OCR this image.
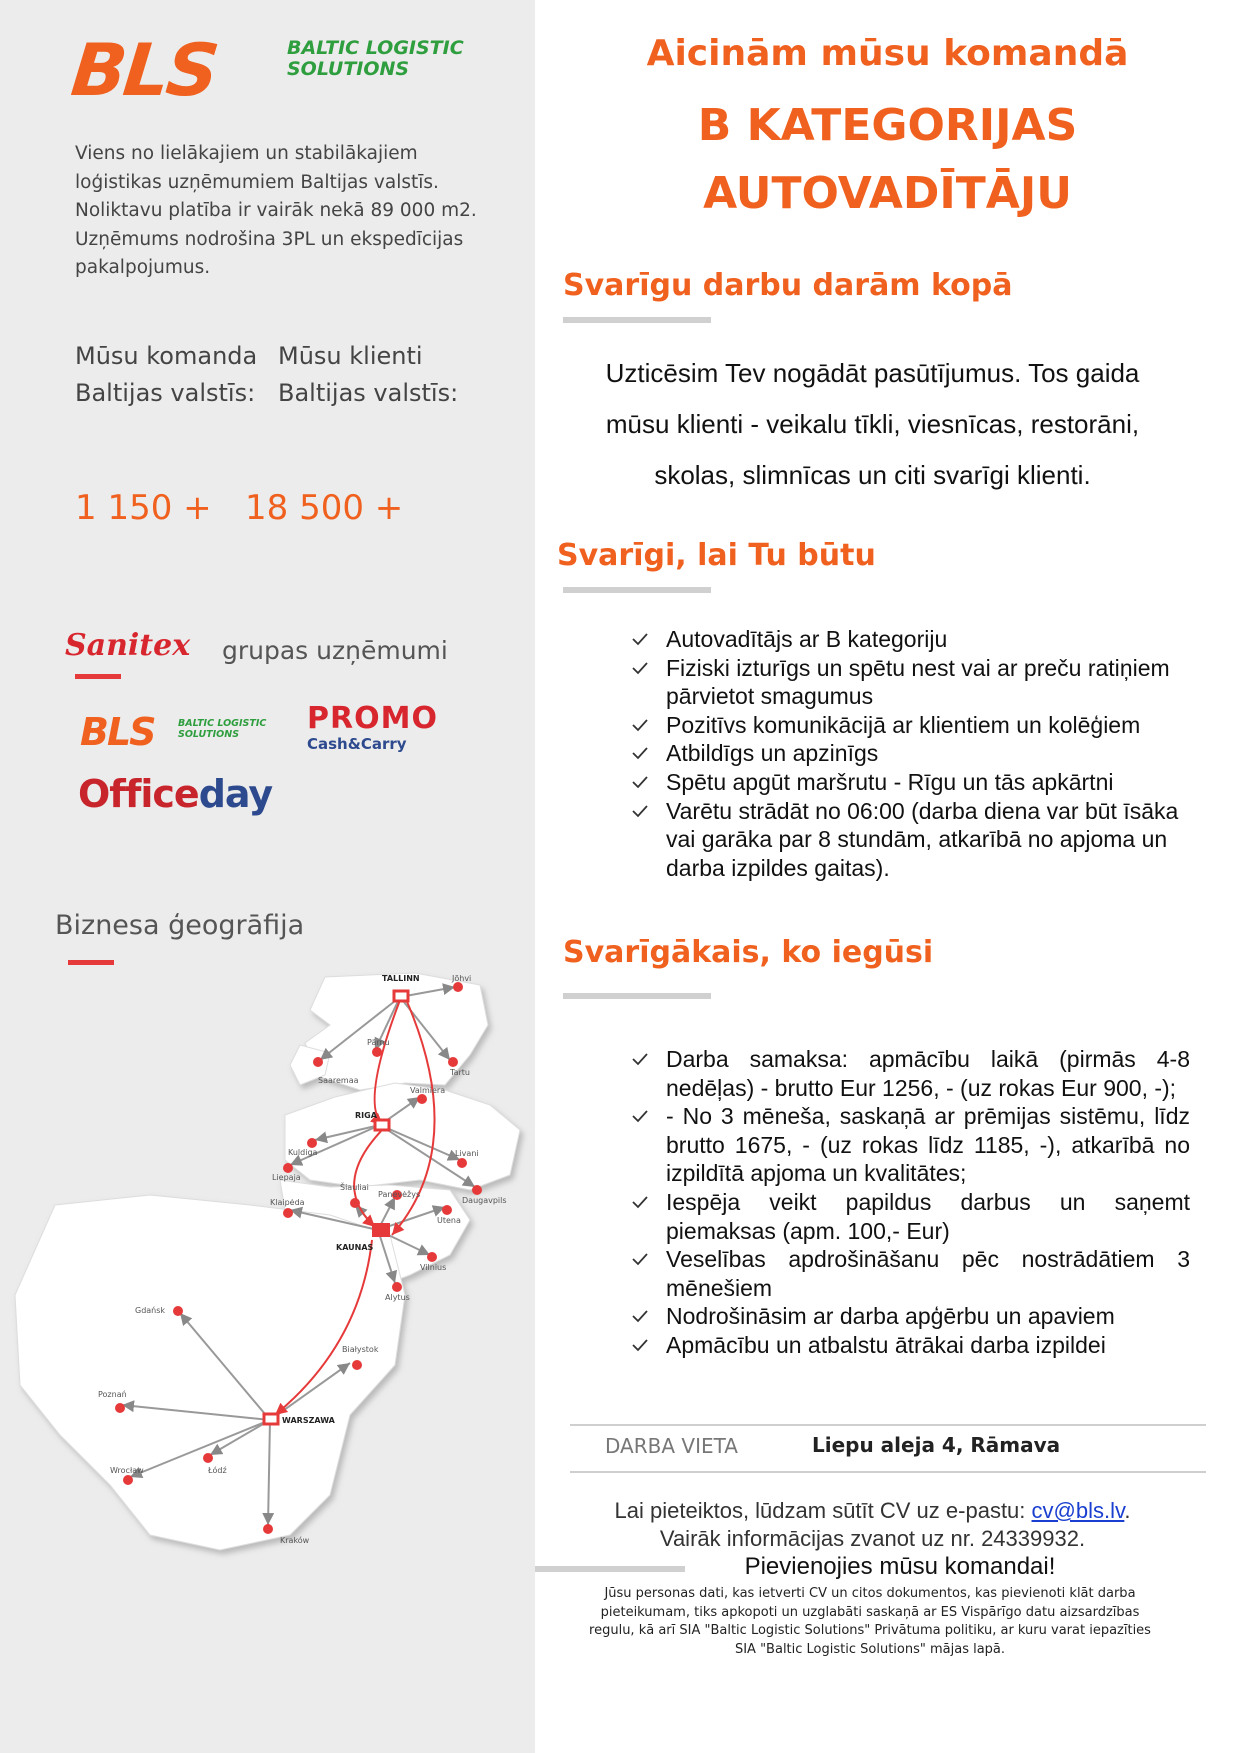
BLS	BALTIC LOGISTIC
SOLUTIONS
Viens no lielākajiem un stabilākajiem
loģistikas uzņēmumiem Baltijas valstīs.
Noliktavu platība ir vairāk nekā 89 000 m2.
Uzņēmums nodrošina 3PL un ekspedīcijas
pakalpojumus.
Mūsu komanda
Baltijas valstīs:
Mūsu klienti
Baltijas valstīs:
1 150 + 18 500 +
Sanitex grupas uzņēmumi
BLS BALTIC LOGISTIC
SOLUTIONS	PROMO
Cash&Carry
Officeday
Biznesa ģeogrāfija
TALLINN
RIGA
KAUNAS
WARSZAWA
Jõhvi
Pärnu
Tartu
Saaremaa
Valmiera
Kuldiga
Liepaja
Livani
Daugavpils
Šiauliai
Panevėžys
Utena
Klaipėda
Vilnius
Alytus
Gdańsk
Białystok
Poznań
Wrocław	Łódź
Kraków
Aicinām mūsu komandā
B KATEGORIJAS
AUTOVADĪTĀJU
Svarīgu darbu darām kopā
Uzticēsim Tev nogādāt pasūtījumus. Tos gaida
mūsu klienti - veikalu tīkli, viesnīcas, restorāni,
skolas, slimnīcas un citi svarīgi klienti.
Svarīgi, lai Tu būtu
Autovadītājs ar B kategoriju
Fiziski izturīgs un spētu nest vai ar preču ratiņiem pārvietot smagumus
Pozitīvs komunikācijā ar klientiem un kolēģiem
Atbildīgs un apzinīgs
Spētu apgūt maršrutu - Rīgu un tās apkārtni
Varētu strādāt no 06:00 (darba diena var būt īsāka vai garāka par 8 stundām, atkarībā no apjoma un darba izpildes gaitas).
Svarīgākais, ko iegūsi
Darba samaksa: apmācību laikā (pirmās 4-8 nedēļas) - brutto Eur 1256, - (uz rokas Eur 900, -);
- No 3 mēneša, saskaņā ar prēmijas sistēmu, līdz brutto 1675, - (uz rokas līdz 1185, -), atkarībā no izpildītā apjoma un kvalitātes;
Iespēja veikt papildus darbus un saņemt piemaksas (apm. 100,- Eur)
Veselības apdrošināšanu pēc nostrādātiem 3 mēnešiem
Nodrošināsim ar darba apģērbu un apaviem
Apmācību un atbalstu ātrākai darba izpildei
DARBA VIETA	Liepu aleja 4, Rāmava
Lai pieteiktos, lūdzam sūtīt CV uz e-pastu: cv@bls.lv.
Vairāk informācijas zvanot uz nr. 24339932.
Pievienojies mūsu komandai!
Jūsu personas dati, kas ietverti CV un citos dokumentos, kas pievienoti klāt darba
pieteikumam, tiks apkopoti un uzglabāti saskaņā ar ES Vispārīgo datu aizsardzības
regulu, kā arī SIA "Baltic Logistic Solutions" Privātuma politiku, ar kuru varat iepazīties
SIA "Baltic Logistic Solutions" mājas lapā.
